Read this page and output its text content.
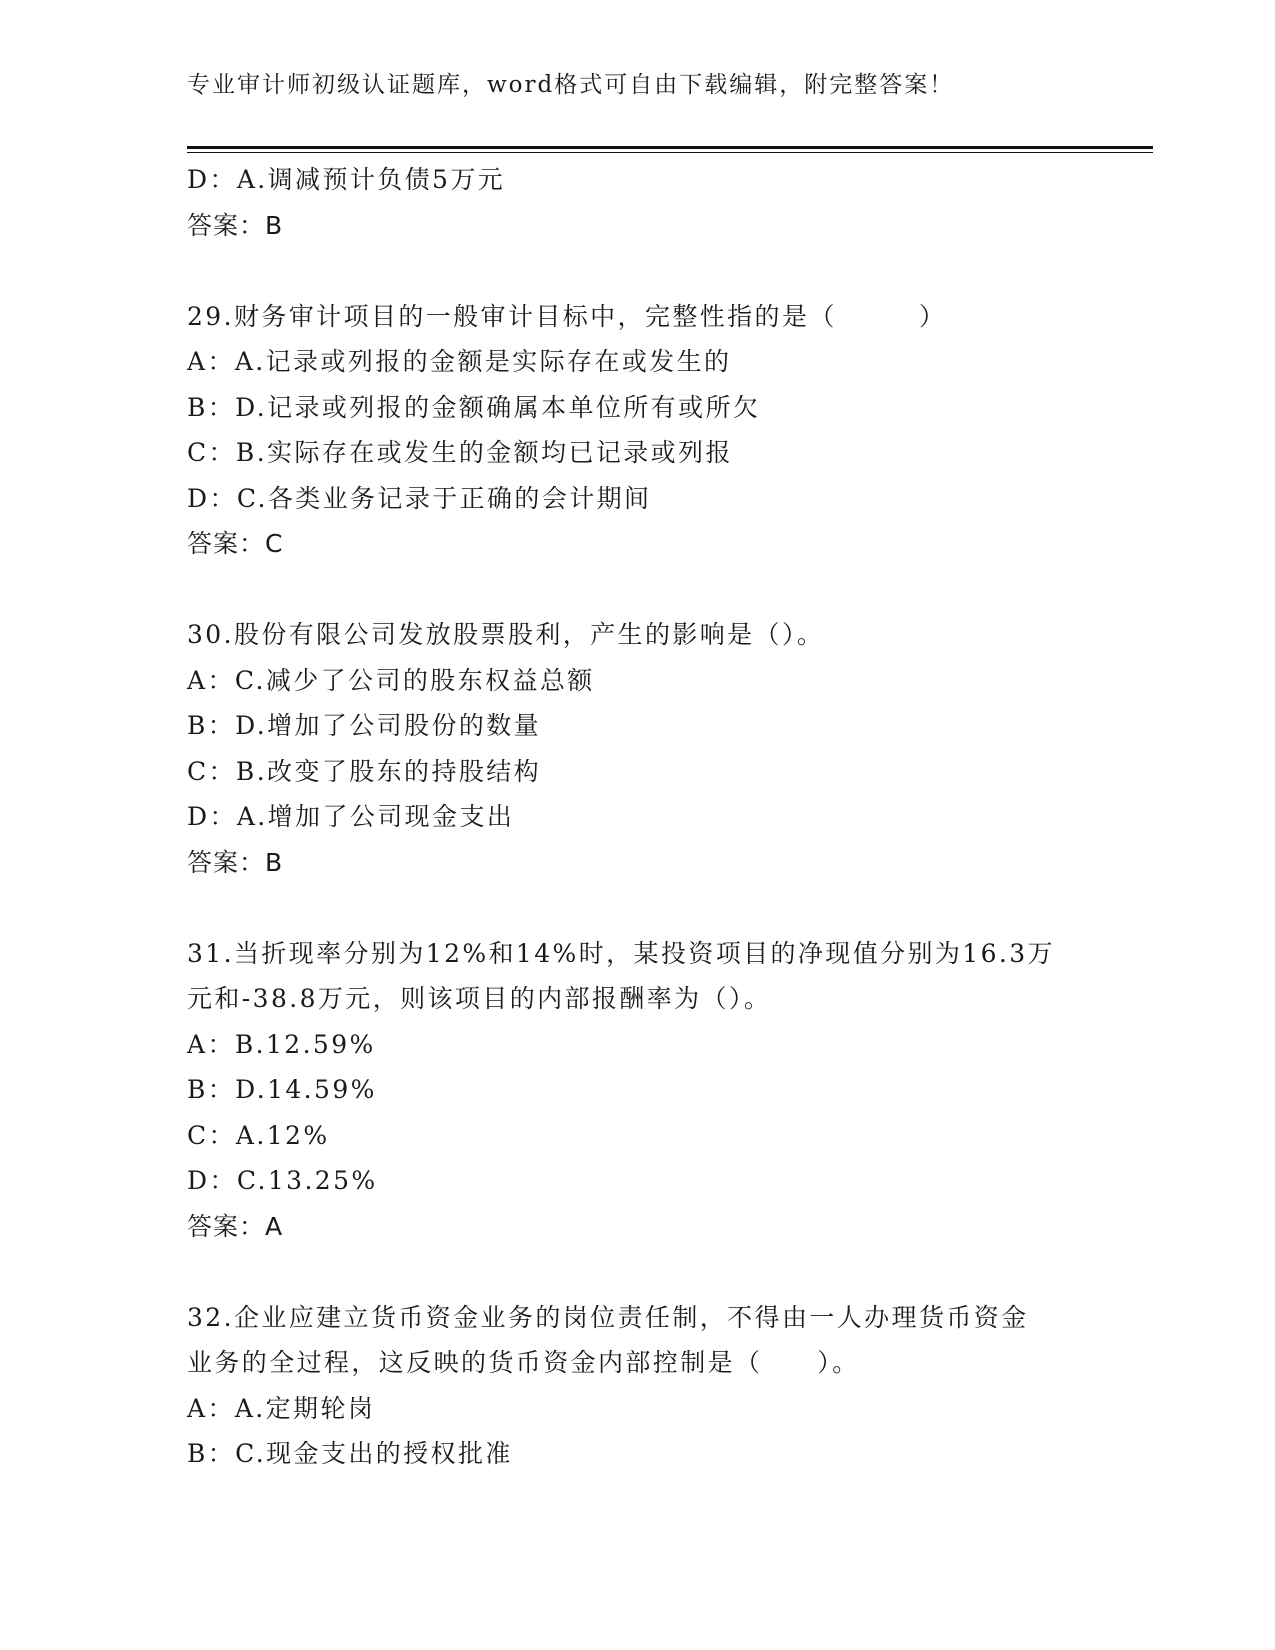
专业审计师初级认证题库，word格式可自由下载编辑，附完整答案！
D：A.调减预计负债5万元
答案：B
29.财务审计项目的一般审计目标中，完整性指的是（　　　）
A：A.记录或列报的金额是实际存在或发生的
B：D.记录或列报的金额确属本单位所有或所欠
C：B.实际存在或发生的金额均已记录或列报
D：C.各类业务记录于正确的会计期间
答案：C
30.股份有限公司发放股票股利，产生的影响是（）。
A：C.减少了公司的股东权益总额
B：D.增加了公司股份的数量
C：B.改变了股东的持股结构
D：A.增加了公司现金支出
答案：B
31.当折现率分别为12%和14%时，某投资项目的净现值分别为16.3万
元和-38.8万元，则该项目的内部报酬率为（）。
A：B.12.59%
B：D.14.59%
C：A.12%
D：C.13.25%
答案：A
32.企业应建立货币资金业务的岗位责任制，不得由一人办理货币资金
业务的全过程，这反映的货币资金内部控制是（　　）。
A：A.定期轮岗
B：C.现金支出的授权批准
